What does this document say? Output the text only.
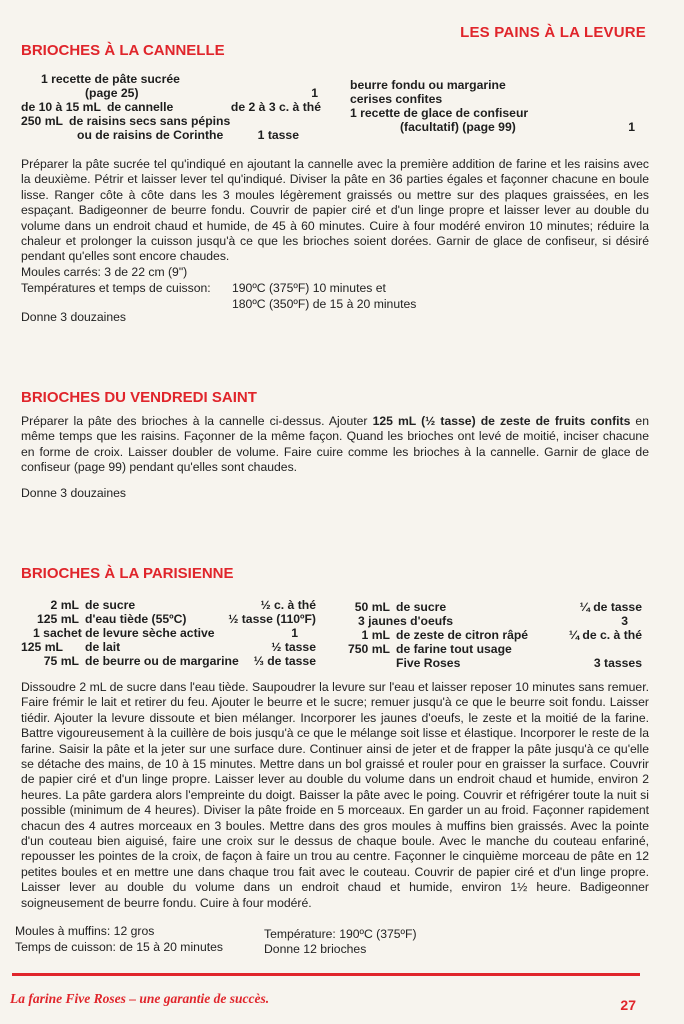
LES PAINS À LA LEVURE
BRIOCHES À LA CANNELLE
1 recette de pâte sucrée
(page 25)	1
de 10 à 15 mL de cannelle	de 2 à 3 c. à thé
250 mL de raisins secs sans pépins
ou de raisins de Corinthe	1 tasse
beurre fondu ou margarine
cerises confites
1 recette de glace de confiseur
(facultatif) (page 99)	1

Préparer la pâte sucrée tel qu'indiqué en ajoutant la cannelle avec la première addition de farine et les raisins avec la deuxième. Pétrir et laisser lever tel qu'indiqué. Diviser la pâte en 36 parties égales et façonner chacune en boule lisse. Ranger côte à côte dans les 3 moules légèrement graissés ou mettre sur des plaques graissées, en les espaçant. Badigeonner de beurre fondu. Couvrir de papier ciré et d'un linge propre et laisser lever au double du volume dans un endroit chaud et humide, de 45 à 60 minutes. Cuire à four modéré environ 10 minutes; réduire la chaleur et prolonger la cuisson jusqu'à ce que les brioches soient dorées. Garnir de glace de confiseur, si désiré pendant qu'elles sont encore chaudes.

Moules carrés: 3 de 22 cm (9")
Températures et temps de cuisson: 190ºC (375ºF) 10 minutes et
180ºC (350ºF) de 15 à 20 minutes
Donne 3 douzaines
BRIOCHES DU VENDREDI SAINT

Préparer la pâte des brioches à la cannelle ci-dessus. Ajouter 125 mL (½ tasse) de zeste de fruits confits en même temps que les raisins. Façonner de la même façon. Quand les brioches ont levé de moitié, inciser chacune en forme de croix. Laisser doubler de volume. Faire cuire comme les brioches à la cannelle. Garnir de glace de confiseur (page 99) pendant qu'elles sont chaudes.

Donne 3 douzaines
BRIOCHES À LA PARISIENNE
2 mL de sucre	½ c. à thé
125 mL d'eau tiède (55ºC)	½ tasse (110ºF)
1 sachet de levure sèche active	1
125 mL	de lait	½ tasse
75 mL de beurre ou de margarine	⅓ de tasse
50 mL de sucre	¼ de tasse
3 jaunes d'oeufs	3
1 mL de zeste de citron râpé	¼ de c. à thé
750 mL de farine tout usage
Five Roses	3 tasses

Dissoudre 2 mL de sucre dans l'eau tiède. Saupoudrer la levure sur l'eau et laisser reposer 10 minutes sans remuer. Faire frémir le lait et retirer du feu. Ajouter le beurre et le sucre; remuer jusqu'à ce que le beurre soit fondu. Laisser tiédir. Ajouter la levure dissoute et bien mélanger. Incorporer les jaunes d'oeufs, le zeste et la moitié de la farine. Battre vigoureusement à la cuillère de bois jusqu'à ce que le mélange soit lisse et élastique. Incorporer le reste de la farine. Saisir la pâte et la jeter sur une surface dure. Continuer ainsi de jeter et de frapper la pâte jusqu'à ce qu'elle se détache des mains, de 10 à 15 minutes. Mettre dans un bol graissé et rouler pour en graisser la surface. Couvrir de papier ciré et d'un linge propre. Laisser lever au double du volume dans un endroit chaud et humide, environ 2 heures. La pâte gardera alors l'empreinte du doigt. Baisser la pâte avec le poing. Couvrir et réfrigérer toute la nuit si possible (minimum de 4 heures). Diviser la pâte froide en 5 morceaux. En garder un au froid. Façonner rapidement chacun des 4 autres morceaux en 3 boules. Mettre dans des gros moules à muffins bien graissés. Avec la pointe d'un couteau bien aiguisé, faire une croix sur le dessus de chaque boule. Avec le manche du couteau enfariné, repousser les pointes de la croix, de façon à faire un trou au centre. Façonner le cinquième morceau de pâte en 12 petites boules et en mettre une dans chaque trou fait avec le couteau. Couvrir de papier ciré et d'un linge propre. Laisser lever au double du volume dans un endroit chaud et humide, environ 1½ heure. Badigeonner soigneusement de beurre fondu. Cuire à four modéré.

Moules à muffins: 12 gros
Temps de cuisson: de 15 à 20 minutes
Température: 190ºC (375ºF)
Donne 12 brioches
La farine Five Roses – une garantie de succès.	27
